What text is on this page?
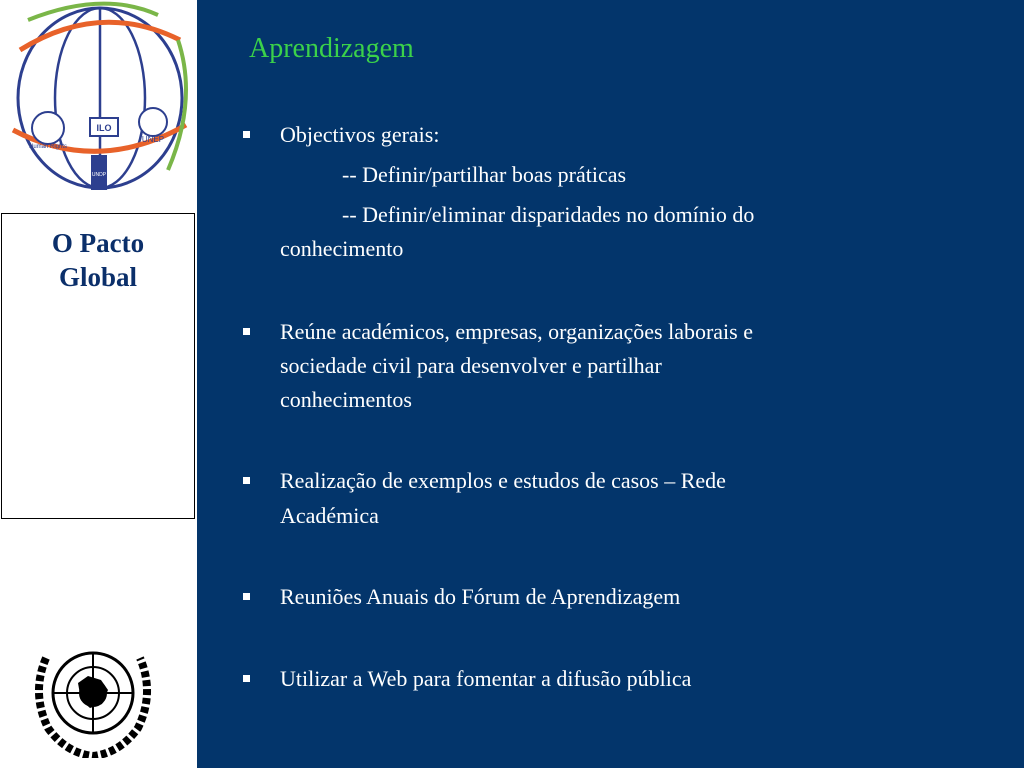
Human Rights
ILO
UNEP
UNDP
O Pacto
Global
Aprendizagem
Objectivos gerais:
-- Definir/partilhar boas práticas
-- Definir/eliminar disparidades no domínio do
conhecimento
Reúne académicos, empresas, organizações laborais e
sociedade civil para desenvolver e partilhar
conhecimentos
Realização de exemplos e estudos de casos – Rede
Académica
Reuniões Anuais do Fórum de Aprendizagem
Utilizar a Web para fomentar a difusão pública
